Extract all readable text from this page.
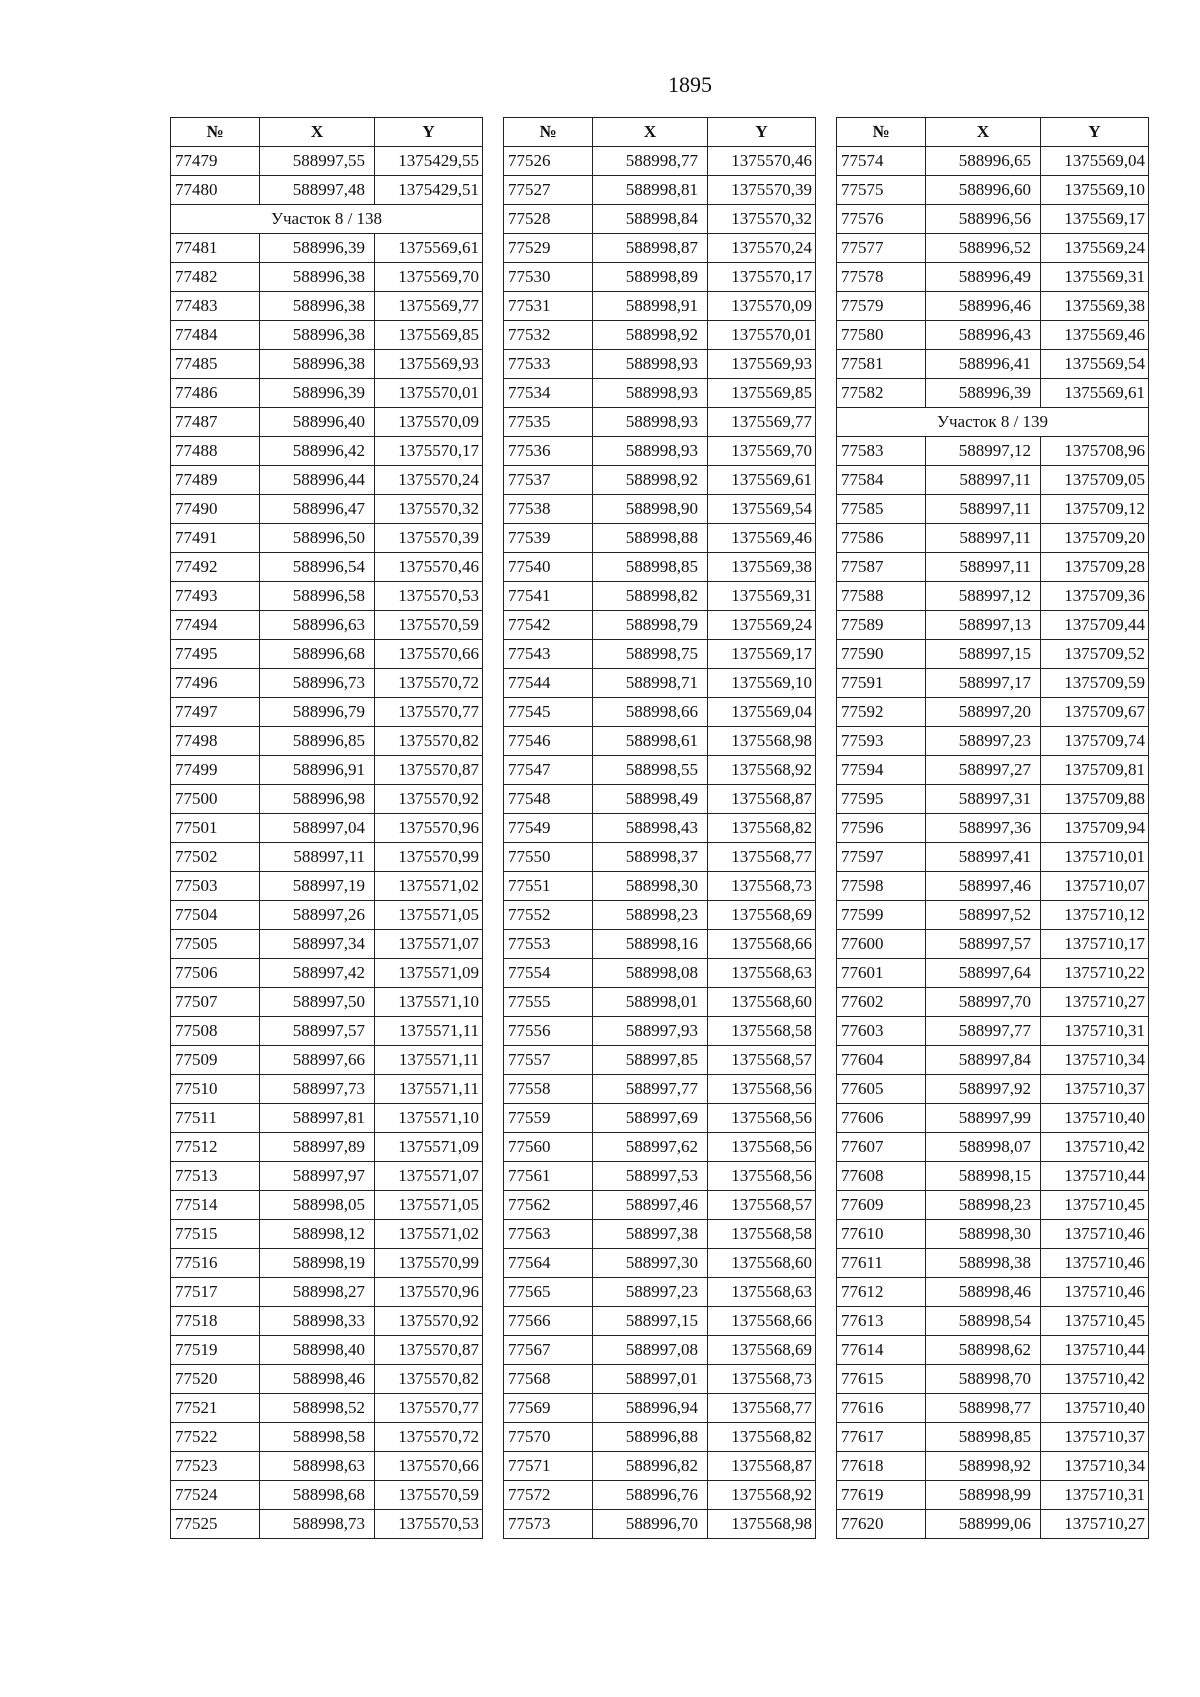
1895
№	X	Y
77479	588997,55	1375429,55
77480	588997,48	1375429,51
Участок 8 / 138		
77481	588996,39	1375569,61
77482	588996,38	1375569,70
77483	588996,38	1375569,77
77484	588996,38	1375569,85
77485	588996,38	1375569,93
77486	588996,39	1375570,01
77487	588996,40	1375570,09
77488	588996,42	1375570,17
77489	588996,44	1375570,24
77490	588996,47	1375570,32
77491	588996,50	1375570,39
77492	588996,54	1375570,46
77493	588996,58	1375570,53
77494	588996,63	1375570,59
77495	588996,68	1375570,66
77496	588996,73	1375570,72
77497	588996,79	1375570,77
77498	588996,85	1375570,82
77499	588996,91	1375570,87
77500	588996,98	1375570,92
77501	588997,04	1375570,96
77502	588997,11	1375570,99
77503	588997,19	1375571,02
77504	588997,26	1375571,05
77505	588997,34	1375571,07
77506	588997,42	1375571,09
77507	588997,50	1375571,10
77508	588997,57	1375571,11
77509	588997,66	1375571,11
77510	588997,73	1375571,11
77511	588997,81	1375571,10
77512	588997,89	1375571,09
77513	588997,97	1375571,07
77514	588998,05	1375571,05
77515	588998,12	1375571,02
77516	588998,19	1375570,99
77517	588998,27	1375570,96
77518	588998,33	1375570,92
77519	588998,40	1375570,87
77520	588998,46	1375570,82
77521	588998,52	1375570,77
77522	588998,58	1375570,72
77523	588998,63	1375570,66
77524	588998,68	1375570,59
77525	588998,73	1375570,53
№	X	Y
77526	588998,77	1375570,46
77527	588998,81	1375570,39
77528	588998,84	1375570,32
77529	588998,87	1375570,24
77530	588998,89	1375570,17
77531	588998,91	1375570,09
77532	588998,92	1375570,01
77533	588998,93	1375569,93
77534	588998,93	1375569,85
77535	588998,93	1375569,77
77536	588998,93	1375569,70
77537	588998,92	1375569,61
77538	588998,90	1375569,54
77539	588998,88	1375569,46
77540	588998,85	1375569,38
77541	588998,82	1375569,31
77542	588998,79	1375569,24
77543	588998,75	1375569,17
77544	588998,71	1375569,10
77545	588998,66	1375569,04
77546	588998,61	1375568,98
77547	588998,55	1375568,92
77548	588998,49	1375568,87
77549	588998,43	1375568,82
77550	588998,37	1375568,77
77551	588998,30	1375568,73
77552	588998,23	1375568,69
77553	588998,16	1375568,66
77554	588998,08	1375568,63
77555	588998,01	1375568,60
77556	588997,93	1375568,58
77557	588997,85	1375568,57
77558	588997,77	1375568,56
77559	588997,69	1375568,56
77560	588997,62	1375568,56
77561	588997,53	1375568,56
77562	588997,46	1375568,57
77563	588997,38	1375568,58
77564	588997,30	1375568,60
77565	588997,23	1375568,63
77566	588997,15	1375568,66
77567	588997,08	1375568,69
77568	588997,01	1375568,73
77569	588996,94	1375568,77
77570	588996,88	1375568,82
77571	588996,82	1375568,87
77572	588996,76	1375568,92
77573	588996,70	1375568,98
№	X	Y
77574	588996,65	1375569,04
77575	588996,60	1375569,10
77576	588996,56	1375569,17
77577	588996,52	1375569,24
77578	588996,49	1375569,31
77579	588996,46	1375569,38
77580	588996,43	1375569,46
77581	588996,41	1375569,54
77582	588996,39	1375569,61
Участок 8 / 139		
77583	588997,12	1375708,96
77584	588997,11	1375709,05
77585	588997,11	1375709,12
77586	588997,11	1375709,20
77587	588997,11	1375709,28
77588	588997,12	1375709,36
77589	588997,13	1375709,44
77590	588997,15	1375709,52
77591	588997,17	1375709,59
77592	588997,20	1375709,67
77593	588997,23	1375709,74
77594	588997,27	1375709,81
77595	588997,31	1375709,88
77596	588997,36	1375709,94
77597	588997,41	1375710,01
77598	588997,46	1375710,07
77599	588997,52	1375710,12
77600	588997,57	1375710,17
77601	588997,64	1375710,22
77602	588997,70	1375710,27
77603	588997,77	1375710,31
77604	588997,84	1375710,34
77605	588997,92	1375710,37
77606	588997,99	1375710,40
77607	588998,07	1375710,42
77608	588998,15	1375710,44
77609	588998,23	1375710,45
77610	588998,30	1375710,46
77611	588998,38	1375710,46
77612	588998,46	1375710,46
77613	588998,54	1375710,45
77614	588998,62	1375710,44
77615	588998,70	1375710,42
77616	588998,77	1375710,40
77617	588998,85	1375710,37
77618	588998,92	1375710,34
77619	588998,99	1375710,31
77620	588999,06	1375710,27
